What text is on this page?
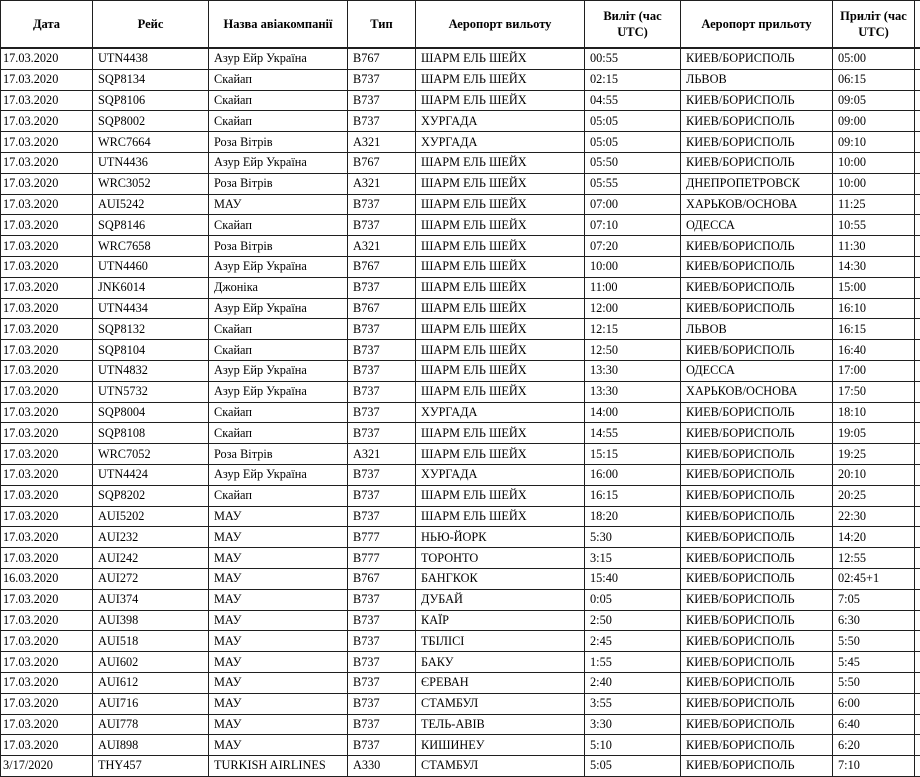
Дата	Рейс	Назва авіакомпанії	Тип	Аеропорт вильоту	Виліт (час UTC)	Аеропорт прильоту	Приліт (час UTC)	
17.03.2020	UTN4438	Азур Ейр Україна	B767	ШАРМ ЕЛЬ ШЕЙХ	00:55	КИЕВ/БОРИСПОЛЬ	05:00	
17.03.2020	SQP8134	Скайап	B737	ШАРМ ЕЛЬ ШЕЙХ	02:15	ЛЬВОВ	06:15	
17.03.2020	SQP8106	Скайап	B737	ШАРМ ЕЛЬ ШЕЙХ	04:55	КИЕВ/БОРИСПОЛЬ	09:05	
17.03.2020	SQP8002	Скайап	B737	ХУРГАДА	05:05	КИЕВ/БОРИСПОЛЬ	09:00	
17.03.2020	WRC7664	Роза Вітрів	A321	ХУРГАДА	05:05	КИЕВ/БОРИСПОЛЬ	09:10	
17.03.2020	UTN4436	Азур Ейр Україна	B767	ШАРМ ЕЛЬ ШЕЙХ	05:50	КИЕВ/БОРИСПОЛЬ	10:00	
17.03.2020	WRC3052	Роза Вітрів	A321	ШАРМ ЕЛЬ ШЕЙХ	05:55	ДНЕПРОПЕТРОВСК	10:00	
17.03.2020	AUI5242	МАУ	B737	ШАРМ ЕЛЬ ШЕЙХ	07:00	ХАРЬКОВ/ОСНОВА	11:25	
17.03.2020	SQP8146	Скайап	B737	ШАРМ ЕЛЬ ШЕЙХ	07:10	ОДЕССА	10:55	
17.03.2020	WRC7658	Роза Вітрів	A321	ШАРМ ЕЛЬ ШЕЙХ	07:20	КИЕВ/БОРИСПОЛЬ	11:30	
17.03.2020	UTN4460	Азур Ейр Україна	B767	ШАРМ ЕЛЬ ШЕЙХ	10:00	КИЕВ/БОРИСПОЛЬ	14:30	
17.03.2020	JNK6014	Джоніка	B737	ШАРМ ЕЛЬ ШЕЙХ	11:00	КИЕВ/БОРИСПОЛЬ	15:00	
17.03.2020	UTN4434	Азур Ейр Україна	B767	ШАРМ ЕЛЬ ШЕЙХ	12:00	КИЕВ/БОРИСПОЛЬ	16:10	
17.03.2020	SQP8132	Скайап	B737	ШАРМ ЕЛЬ ШЕЙХ	12:15	ЛЬВОВ	16:15	
17.03.2020	SQP8104	Скайап	B737	ШАРМ ЕЛЬ ШЕЙХ	12:50	КИЕВ/БОРИСПОЛЬ	16:40	
17.03.2020	UTN4832	Азур Ейр Україна	B737	ШАРМ ЕЛЬ ШЕЙХ	13:30	ОДЕССА	17:00	
17.03.2020	UTN5732	Азур Ейр Україна	B737	ШАРМ ЕЛЬ ШЕЙХ	13:30	ХАРЬКОВ/ОСНОВА	17:50	
17.03.2020	SQP8004	Скайап	B737	ХУРГАДА	14:00	КИЕВ/БОРИСПОЛЬ	18:10	
17.03.2020	SQP8108	Скайап	B737	ШАРМ ЕЛЬ ШЕЙХ	14:55	КИЕВ/БОРИСПОЛЬ	19:05	
17.03.2020	WRC7052	Роза Вітрів	A321	ШАРМ ЕЛЬ ШЕЙХ	15:15	КИЕВ/БОРИСПОЛЬ	19:25	
17.03.2020	UTN4424	Азур Ейр Україна	B737	ХУРГАДА	16:00	КИЕВ/БОРИСПОЛЬ	20:10	
17.03.2020	SQP8202	Скайап	B737	ШАРМ ЕЛЬ ШЕЙХ	16:15	КИЕВ/БОРИСПОЛЬ	20:25	
17.03.2020	AUI5202	МАУ	B737	ШАРМ ЕЛЬ ШЕЙХ	18:20	КИЕВ/БОРИСПОЛЬ	22:30	
17.03.2020	AUI232	МАУ	B777	НЬЮ-ЙОРК	5:30	КИЕВ/БОРИСПОЛЬ	14:20	
17.03.2020	AUI242	МАУ	B777	ТОРОНТО	3:15	КИЕВ/БОРИСПОЛЬ	12:55	
16.03.2020	AUI272	МАУ	B767	БАНГКОК	15:40	КИЕВ/БОРИСПОЛЬ	02:45+1	
17.03.2020	AUI374	МАУ	B737	ДУБАЙ	0:05	КИЕВ/БОРИСПОЛЬ	7:05	
17.03.2020	AUI398	МАУ	B737	КАЇР	2:50	КИЕВ/БОРИСПОЛЬ	6:30	
17.03.2020	AUI518	МАУ	B737	ТБІЛІСІ	2:45	КИЕВ/БОРИСПОЛЬ	5:50	
17.03.2020	AUI602	МАУ	B737	БАКУ	1:55	КИЕВ/БОРИСПОЛЬ	5:45	
17.03.2020	AUI612	МАУ	B737	ЄРЕВАН	2:40	КИЕВ/БОРИСПОЛЬ	5:50	
17.03.2020	AUI716	МАУ	B737	СТАМБУЛ	3:55	КИЕВ/БОРИСПОЛЬ	6:00	
17.03.2020	AUI778	МАУ	B737	ТЕЛЬ-АВІВ	3:30	КИЕВ/БОРИСПОЛЬ	6:40	
17.03.2020	AUI898	МАУ	B737	КИШИНЕУ	5:10	КИЕВ/БОРИСПОЛЬ	6:20	
3/17/2020	THY457	TURKISH AIRLINES	A330	СТАМБУЛ	5:05	КИЕВ/БОРИСПОЛЬ	7:10	
